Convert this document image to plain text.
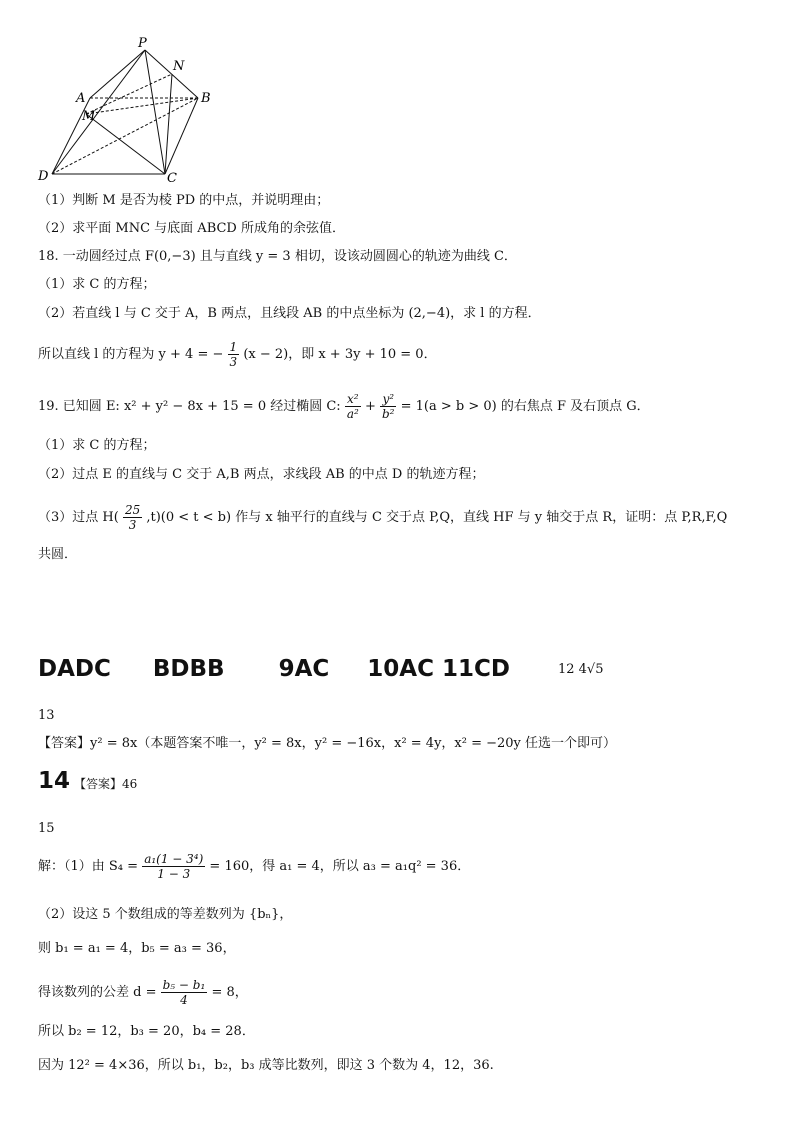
P
N
A	B
M
D	C
（1）判断 M 是否为棱 PD 的中点，并说明理由；
（2）求平面 MNC 与底面 ABCD 所成角的余弦值．
18. 一动圆经过点 F(0,−3) 且与直线 y = 3 相切，设该动圆圆心的轨迹为曲线 C．
（1）求 C 的方程；
（2）若直线 l 与 C 交于 A，B 两点，且线段 AB 的中点坐标为 (2,−4)，求 l 的方程．
所以直线 l 的方程为 y + 4 = − $\frac{1}{3} (x - 2)$，即 x + 3y + 10 = 0．
19. 已知圆 E: x² + y² − 8x + 15 = 0 经过椭圆 C: $\frac{\text{x²}}{\text{a²}} + \frac{\text{y²}}{\text{b²}} = 1(a > b > 0)$ 的右焦点 F 及右顶点 G．
（1）求 C 的方程；
（2）过点 E 的直线与 C 交于 A,B 两点，求线段 AB 的中点 D 的轨迹方程；
（3）过点 $H( \frac{25}{3} ,t)(0 < t < b)$ 作与 x 轴平行的直线与 C 交于点 P,Q，直线 HF 与 y 轴交于点 R，证明：点 P,R,F,Q
共圆．
DADC BDBB 9AC 10AC 11CD	12 4√5
13
【答案】y² = 8x（本题答案不唯一，y² = 8x，y² = −16x，x² = 4y，x² = −20y 任选一个即可）
14 【答案】46
15
解：（1）由 $S_4 = \frac{\text{a₁(1 − 3⁴)}}{1 - 3} = 160$，得 a₁ = 4，所以 a₃ = a₁q² = 36．
（2）设这 5 个数组成的等差数列为 {bₙ}，
则 b₁ = a₁ = 4，b₅ = a₃ = 36，
得该数列的公差 $d = \frac{\text{b₅ − b₁}}{4} = 8$，
所以 b₂ = 12，b₃ = 20，b₄ = 28．
因为 12² = 4×36，所以 b₁，b₂，b₃ 成等比数列，即这 3 个数为 4，12，36.
